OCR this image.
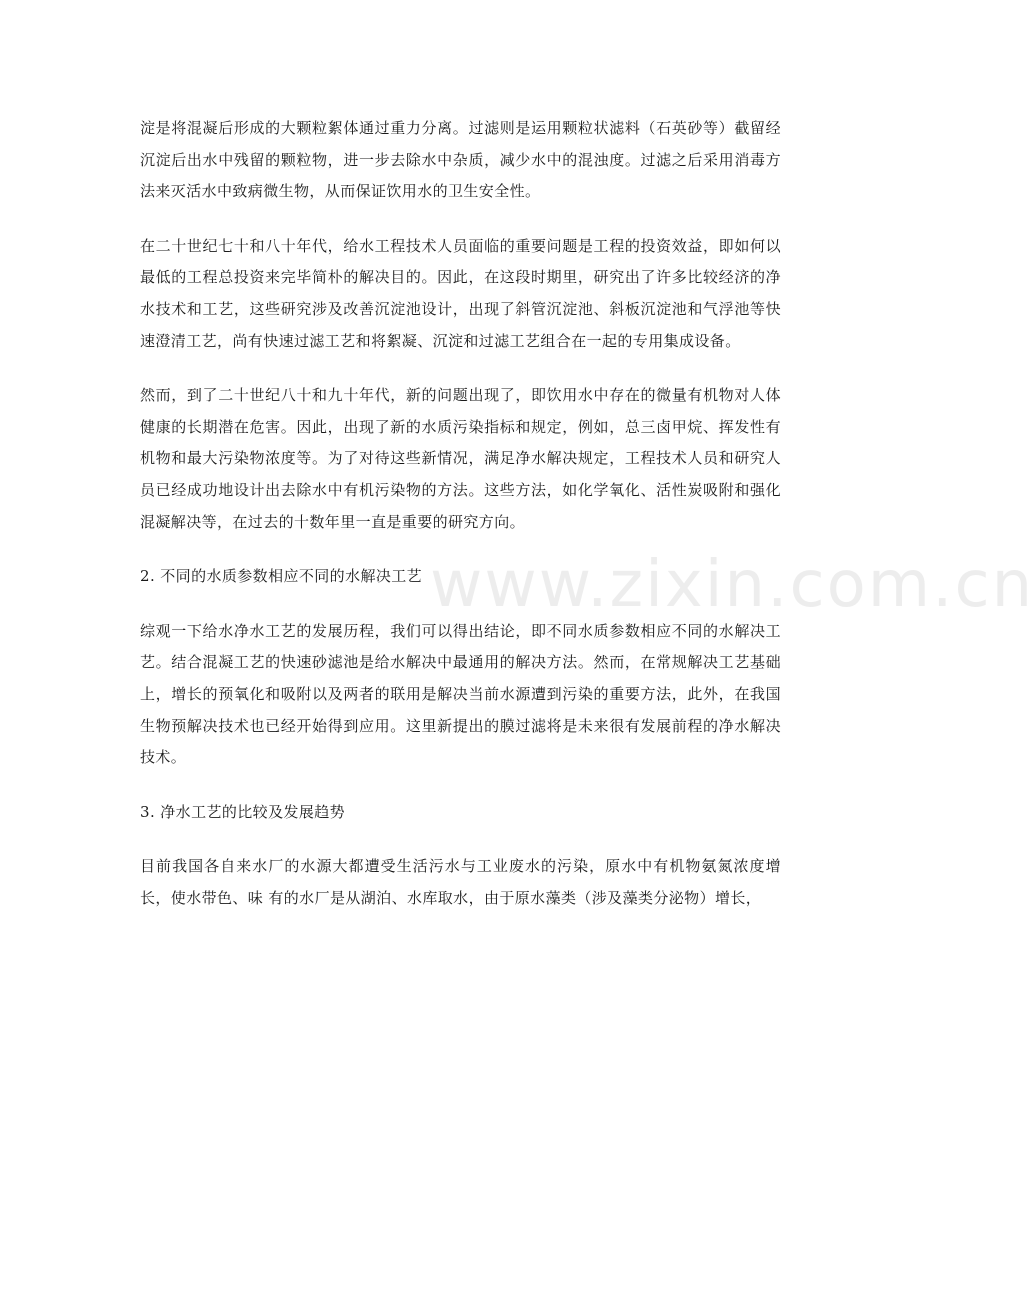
淀是将混凝后形成的大颗粒絮体通过重力分离。过滤则是运用颗粒状滤料（石英砂等）截留经沉淀后出水中残留的颗粒物，进一步去除水中杂质，减少水中的混浊度。过滤之后采用消毒方法来灭活水中致病微生物，从而保证饮用水的卫生安全性。

在二十世纪七十和八十年代，给水工程技术人员面临的重要问题是工程的投资效益，即如何以最低的工程总投资来完毕简朴的解决目的。因此，在这段时期里，研究出了许多比较经济的净水技术和工艺，这些研究涉及改善沉淀池设计，出现了斜管沉淀池、斜板沉淀池和气浮池等快速澄清工艺，尚有快速过滤工艺和将絮凝、沉淀和过滤工艺组合在一起的专用集成设备。

然而，到了二十世纪八十和九十年代，新的问题出现了，即饮用水中存在的微量有机物对人体健康的长期潜在危害。因此，出现了新的水质污染指标和规定，例如，总三卤甲烷、挥发性有机物和最大污染物浓度等。为了对待这些新情况，满足净水解决规定，工程技术人员和研究人员已经成功地设计出去除水中有机污染物的方法。这些方法，如化学氧化、活性炭吸附和强化混凝解决等，在过去的十数年里一直是重要的研究方向。

2. 不同的水质参数相应不同的水解决工艺

综观一下给水净水工艺的发展历程，我们可以得出结论，即不同水质参数相应不同的水解决工艺。结合混凝工艺的快速砂滤池是给水解决中最通用的解决方法。然而，在常规解决工艺基础上，增长的预氧化和吸附以及两者的联用是解决当前水源遭到污染的重要方法，此外，在我国生物预解决技术也已经开始得到应用。这里新提出的膜过滤将是未来很有发展前程的净水解决技术。

3. 净水工艺的比较及发展趋势

目前我国各自来水厂的水源大都遭受生活污水与工业废水的污染，原水中有机物氨氮浓度增长，使水带色、味 有的水厂是从湖泊、水库取水，由于原水藻类（涉及藻类分泌物）增长，

www.zixin.com.cn
